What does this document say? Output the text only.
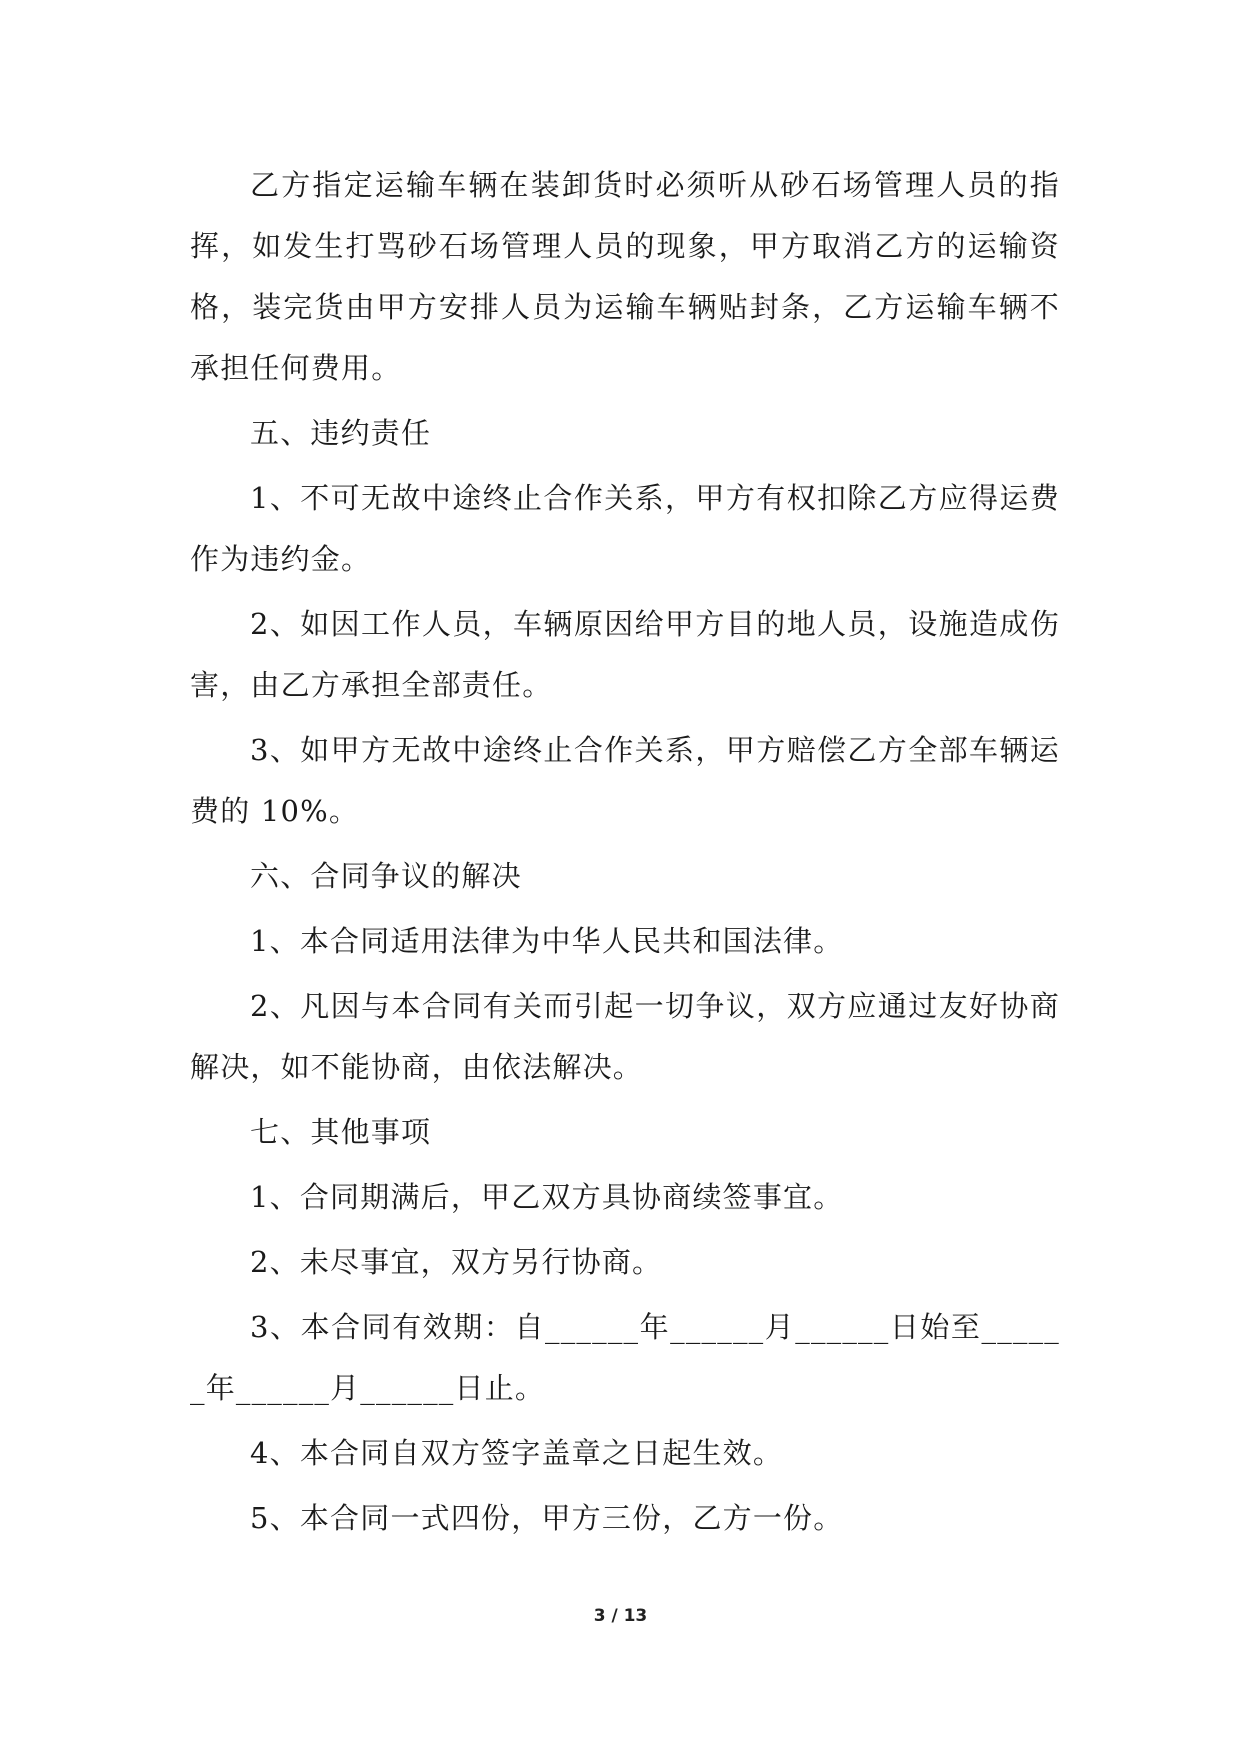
乙方指定运输车辆在装卸货时必须听从砂石场管理人员的指挥，如发生打骂砂石场管理人员的现象，甲方取消乙方的运输资格，装完货由甲方安排人员为运输车辆贴封条，乙方运输车辆不承担任何费用。

五、违约责任

1、不可无故中途终止合作关系，甲方有权扣除乙方应得运费作为违约金。

2、如因工作人员，车辆原因给甲方目的地人员，设施造成伤害，由乙方承担全部责任。

3、如甲方无故中途终止合作关系，甲方赔偿乙方全部车辆运费的 10%。

六、合同争议的解决

1、本合同适用法律为中华人民共和国法律。

2、凡因与本合同有关而引起一切争议，双方应通过友好协商解决，如不能协商，由依法解决。

七、其他事项

1、合同期满后，甲乙双方具协商续签事宜。

2、未尽事宜，双方另行协商。

3、本合同有效期：自______年______月______日始至______年______月______日止。

4、本合同自双方签字盖章之日起生效。

5、本合同一式四份，甲方三份，乙方一份。

3 / 13
